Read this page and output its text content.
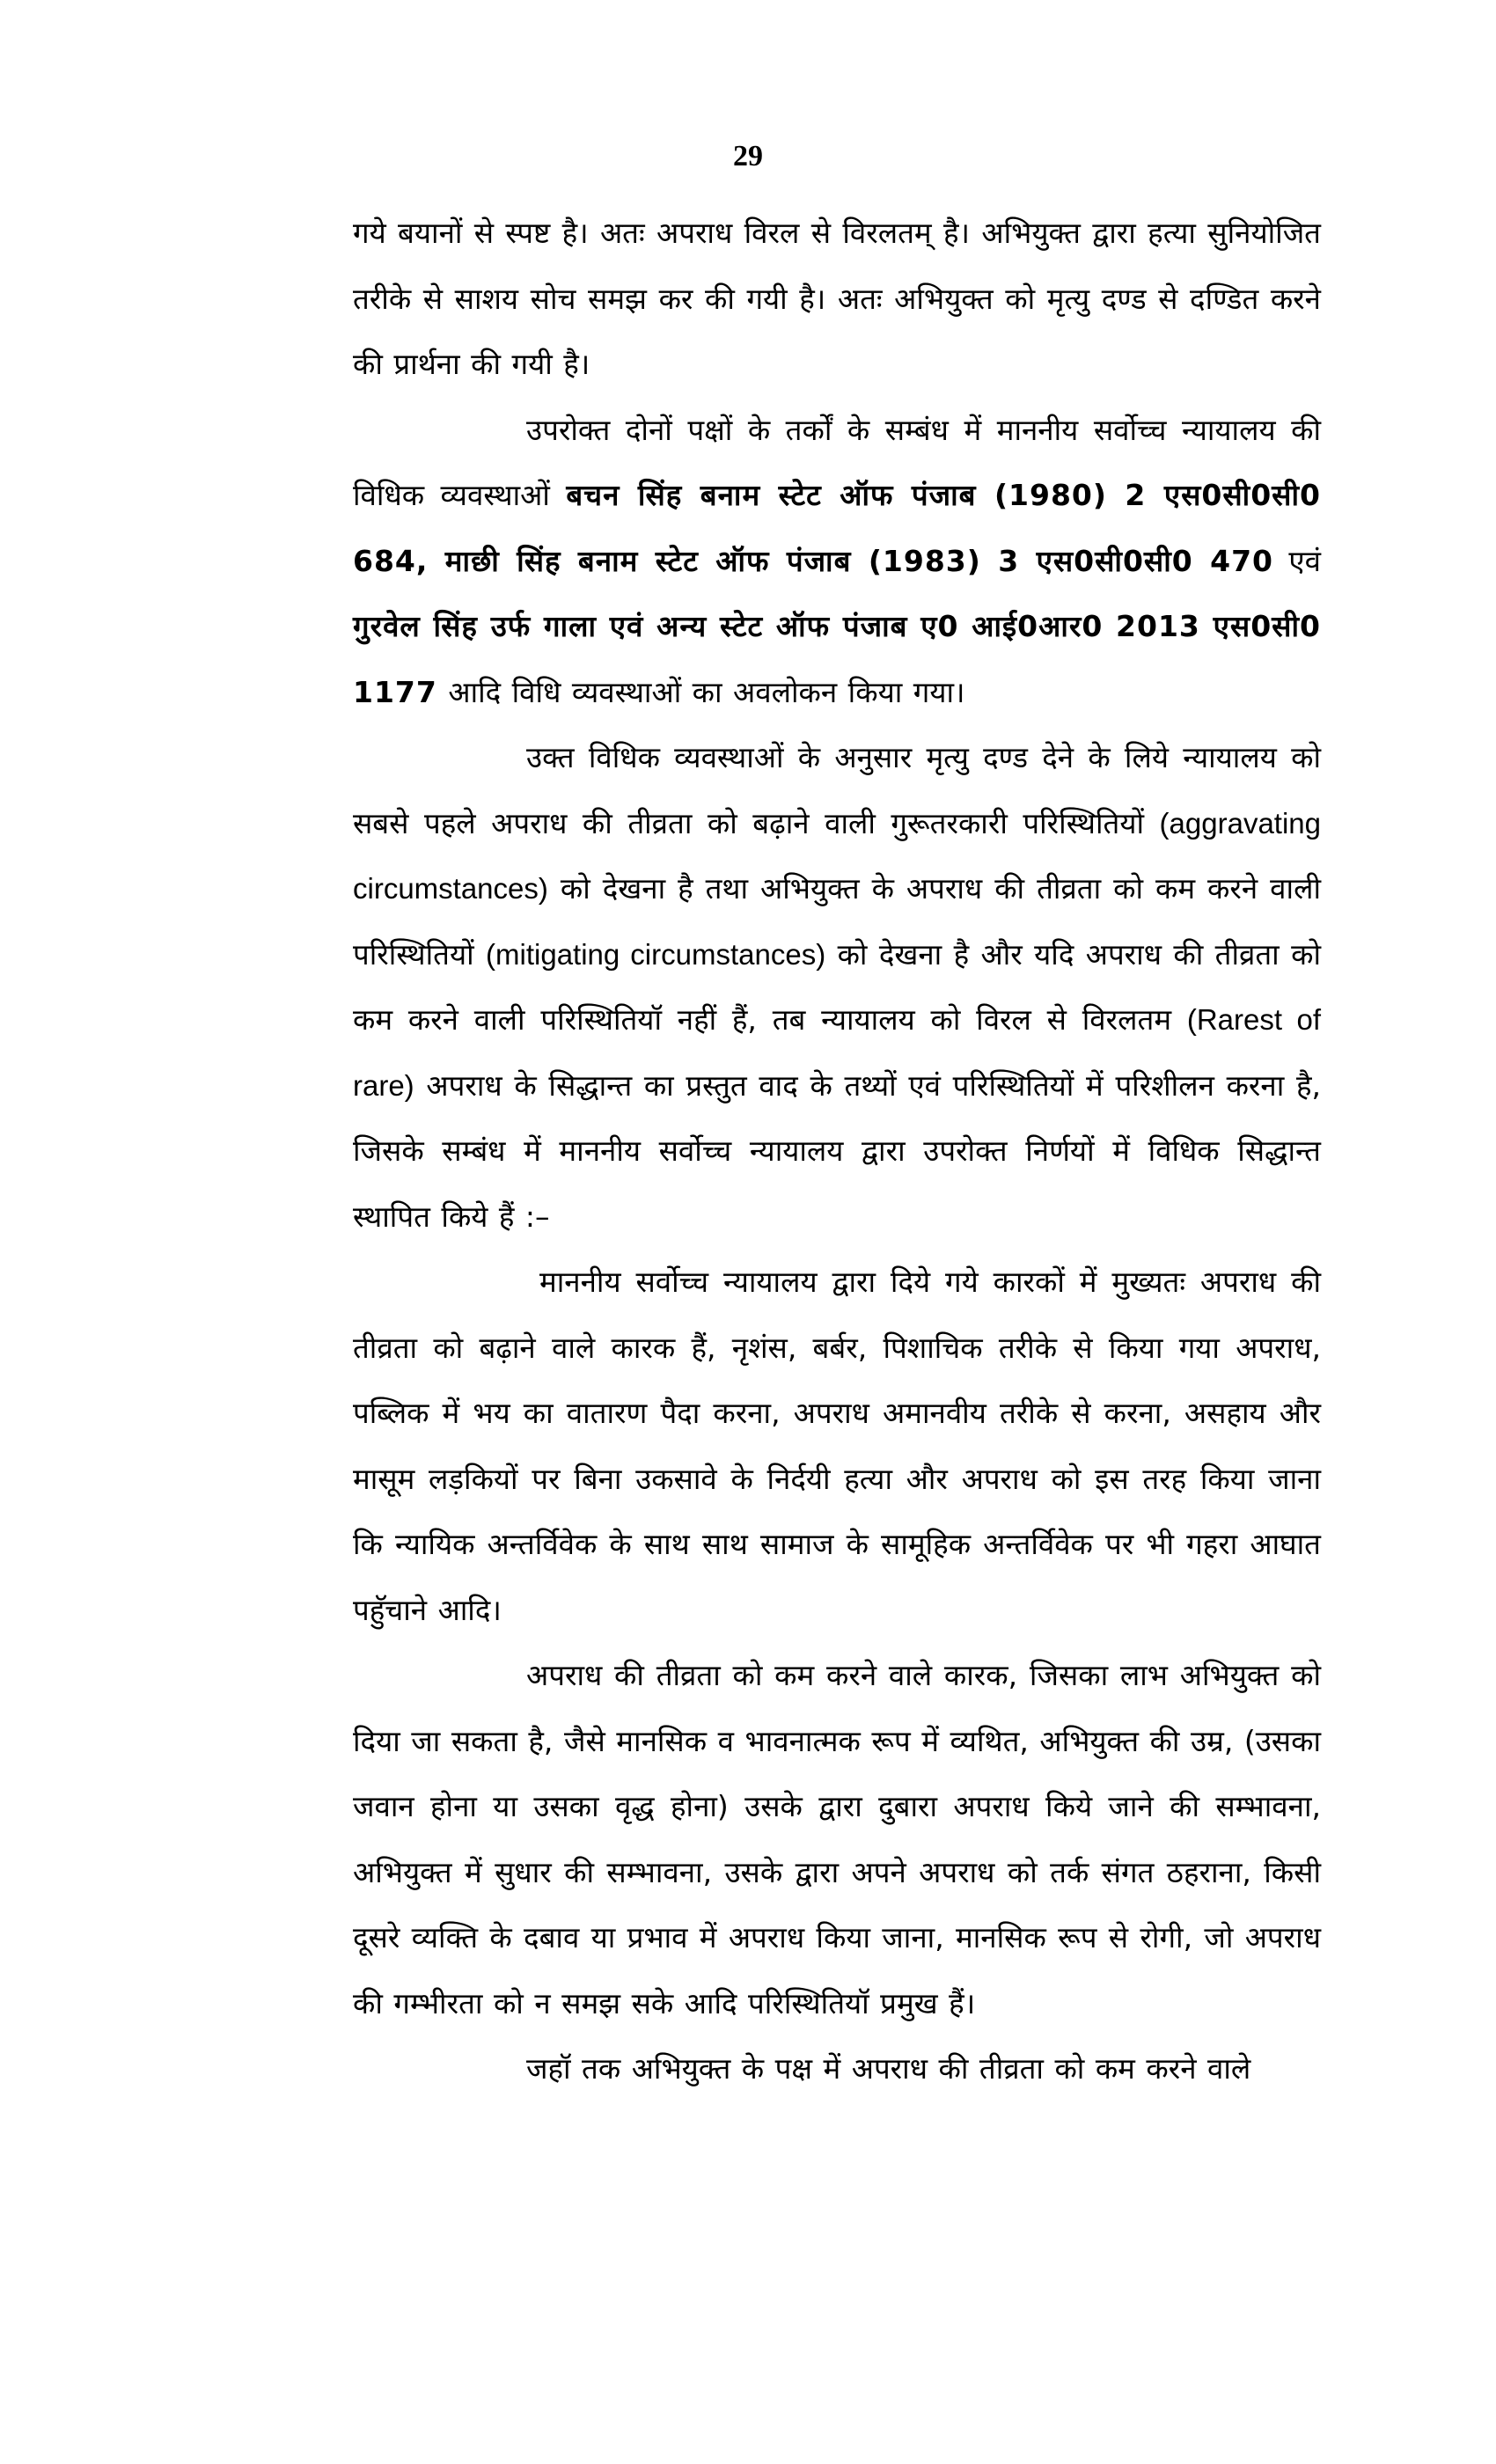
29

गये बयानों से स्पष्ट है। अतः अपराध विरल से विरलतम् है। अभियुक्त द्वारा हत्या सुनियोजित तरीके से साशय सोच समझ कर की गयी है। अतः अभियुक्त को मृत्यु दण्ड से दण्डित करने की प्रार्थना की गयी है।

उपरोक्त दोनों पक्षों के तर्कों के सम्बंध में माननीय सर्वोच्च न्यायालय की विधिक व्यवस्थाओं बचन सिंह बनाम स्टेट ऑफ पंजाब (1980) 2 एस0सी0सी0 684, माछी सिंह बनाम स्टेट ऑफ पंजाब (1983) 3 एस0सी0सी0 470 एवं गुरवेल सिंह उर्फ गाला एवं अन्य स्टेट ऑफ पंजाब ए0 आई0आर0 2013 एस0सी0 1177 आदि विधि व्यवस्थाओं का अवलोकन किया गया।

उक्त विधिक व्यवस्थाओं के अनुसार मृत्यु दण्ड देने के लिये न्यायालय को सबसे पहले अपराध की तीव्रता को बढ़ाने वाली गुरूतरकारी परिस्थितियों (aggravating circumstances) को देखना है तथा अभियुक्त के अपराध की तीव्रता को कम करने वाली परिस्थितियों (mitigating circumstances) को देखना है और यदि अपराध की तीव्रता को कम करने वाली परिस्थितियॉ नहीं हैं, तब न्यायालय को विरल से विरलतम (Rarest of rare) अपराध के सिद्धान्त का प्रस्तुत वाद के तथ्यों एवं परिस्थितियों में परिशीलन करना है, जिसके सम्बंध में माननीय सर्वोच्च न्यायालय द्वारा उपरोक्त निर्णयों में विधिक सिद्धान्त स्थापित किये हैं :–

माननीय सर्वोच्च न्यायालय द्वारा दिये गये कारकों में मुख्यतः अपराध की तीव्रता को बढ़ाने वाले कारक हैं, नृशंस, बर्बर, पिशाचिक तरीके से किया गया अपराध, पब्लिक में भय का वातारण पैदा करना, अपराध अमानवीय तरीके से करना, असहाय और मासूम लड़कियों पर बिना उकसावे के निर्दयी हत्या और अपराध को इस तरह किया जाना कि न्यायिक अन्तर्विवेक के साथ साथ सामाज के सामूहिक अन्तर्विवेक पर भी गहरा आघात पहुॅचाने आदि।

अपराध की तीव्रता को कम करने वाले कारक, जिसका लाभ अभियुक्त को दिया जा सकता है, जैसे मानसिक व भावनात्मक रूप में व्यथित, अभियुक्त की उम्र, (उसका जवान होना या उसका वृद्ध होना) उसके द्वारा दुबारा अपराध किये जाने की सम्भावना, अभियुक्त में सुधार की सम्भावना, उसके द्वारा अपने अपराध को तर्क संगत ठहराना, किसी दूसरे व्यक्ति के दबाव या प्रभाव में अपराध किया जाना, मानसिक रूप से रोगी, जो अपराध की गम्भीरता को न समझ सके आदि परिस्थितियॉ प्रमुख हैं।

जहॉ तक अभियुक्त के पक्ष में अपराध की तीव्रता को कम करने वाले
